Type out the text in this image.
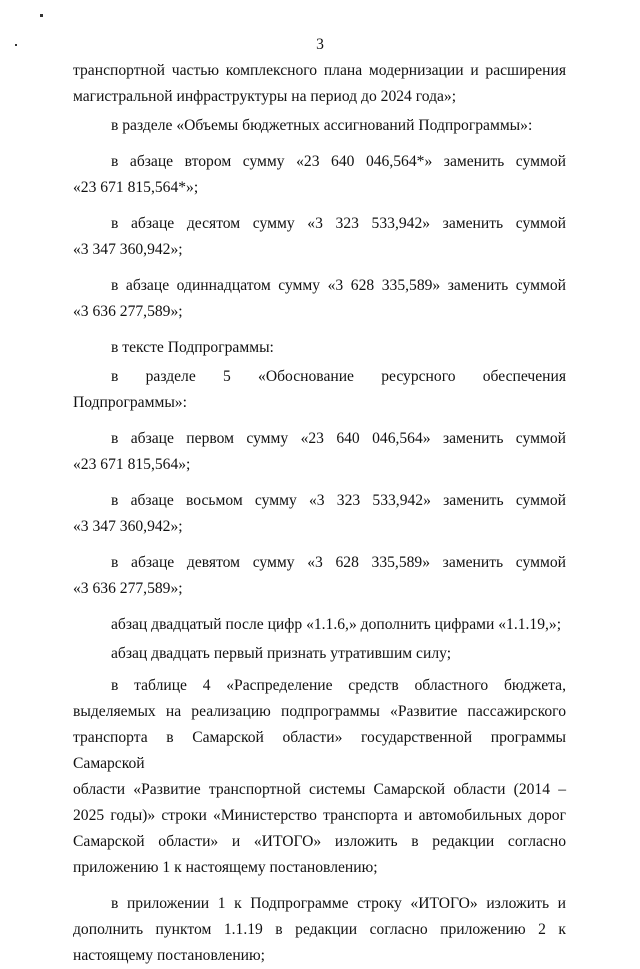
3

транспортной частью комплексного плана модернизации и расширения
магистральной инфраструктуры на период до 2024 года»;

в разделе «Объемы бюджетных ассигнований Подпрограммы»:

в абзаце втором сумму «23 640 046,564*» заменить суммой
«23 671 815,564*»;

в абзаце десятом сумму «3 323 533,942» заменить суммой
«3 347 360,942»;

в абзаце одиннадцатом сумму «3 628 335,589» заменить суммой
«3 636 277,589»;

в тексте Подпрограммы:

в разделе 5 «Обоснование ресурсного обеспечения Подпрограммы»:

в абзаце первом сумму «23 640 046,564» заменить суммой
«23 671 815,564»;

в абзаце восьмом сумму «3 323 533,942» заменить суммой
«3 347 360,942»;

в абзаце девятом сумму «3 628 335,589» заменить суммой
«3 636 277,589»;

абзац двадцатый после цифр «1.1.6,» дополнить цифрами «1.1.19,»;

абзац двадцать первый признать утратившим силу;

в таблице 4 «Распределение средств областного бюджета,
выделяемых на реализацию подпрограммы «Развитие пассажирского
транспорта в Самарской области» государственной программы Самарской
области «Развитие транспортной системы Самарской области (2014 –
2025 годы)» строки «Министерство транспорта и автомобильных дорог
Самарской области» и «ИТОГО» изложить в редакции согласно
приложению 1 к настоящему постановлению;

в приложении 1 к Подпрограмме строку «ИТОГО» изложить и
дополнить пунктом 1.1.19 в редакции согласно приложению 2 к
настоящему постановлению;
